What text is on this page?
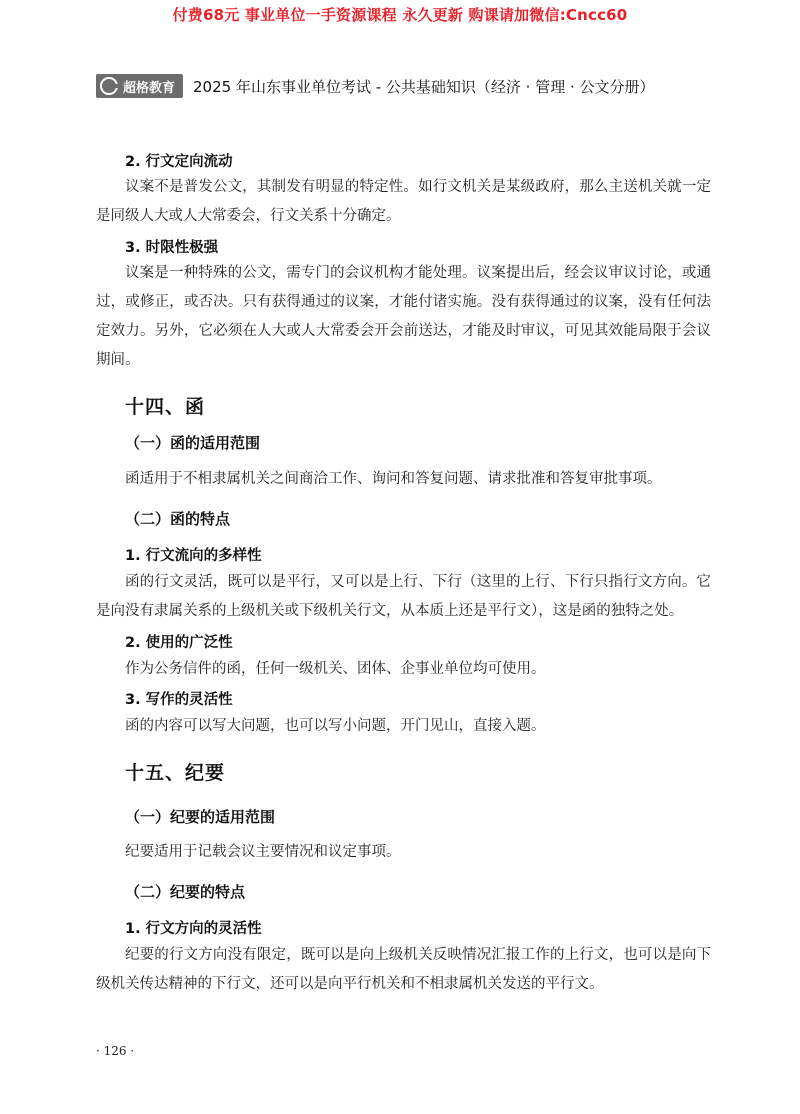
付费68元 事业单位一手资源课程 永久更新 购课请加微信:Cncc60
超格教育 2025 年山东事业单位考试 - 公共基础知识（经济 · 管理 · 公文分册）
2. 行文定向流动
议案不是普发公文，其制发有明显的特定性。如行文机关是某级政府，那么主送机关就一定是同级人大或人大常委会，行文关系十分确定。
3. 时限性极强
议案是一种特殊的公文，需专门的会议机构才能处理。议案提出后，经会议审议讨论，或通过，或修正，或否决。只有获得通过的议案，才能付诸实施。没有获得通过的议案，没有任何法定效力。另外，它必须在人大或人大常委会开会前送达，才能及时审议，可见其效能局限于会议期间。
十四、函
（一）函的适用范围
函适用于不相隶属机关之间商洽工作、询问和答复问题、请求批准和答复审批事项。
（二）函的特点
1. 行文流向的多样性
函的行文灵活，既可以是平行，又可以是上行、下行（这里的上行、下行只指行文方向。它是向没有隶属关系的上级机关或下级机关行文，从本质上还是平行文），这是函的独特之处。
2. 使用的广泛性
作为公务信件的函，任何一级机关、团体、企事业单位均可使用。
3. 写作的灵活性
函的内容可以写大问题，也可以写小问题，开门见山，直接入题。
十五、纪要
（一）纪要的适用范围
纪要适用于记载会议主要情况和议定事项。
（二）纪要的特点
1. 行文方向的灵活性
纪要的行文方向没有限定，既可以是向上级机关反映情况汇报工作的上行文，也可以是向下级机关传达精神的下行文，还可以是向平行机关和不相隶属机关发送的平行文。
· 126 ·
